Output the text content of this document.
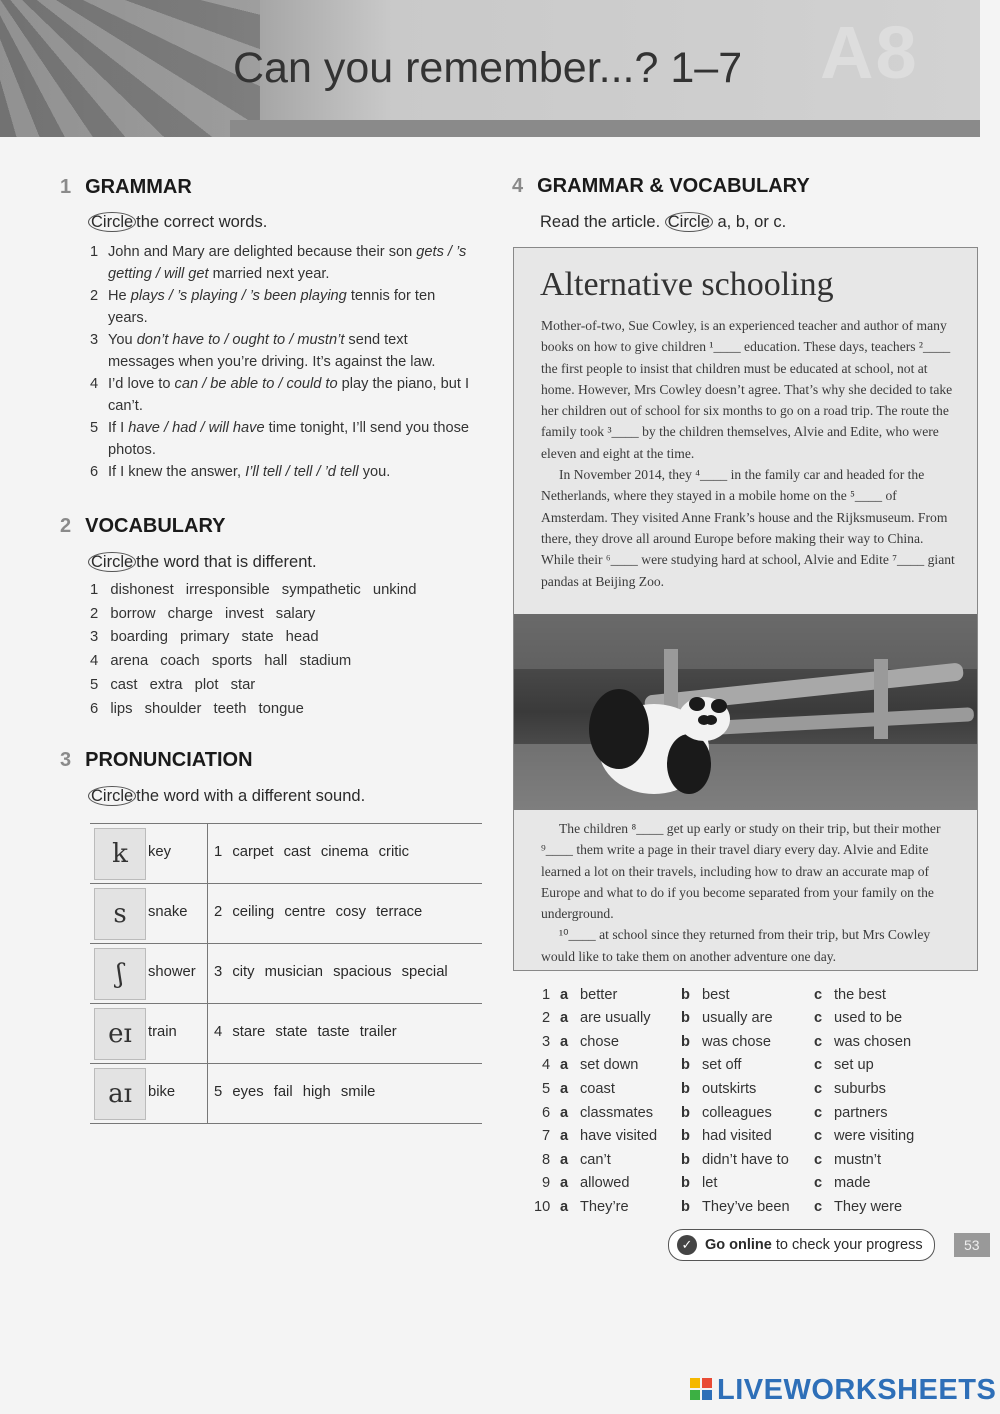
A8
Can you remember...? 1–7
1 GRAMMAR
Circle the correct words.
1 John and Mary are delighted because their son gets / ’s getting / will get married next year.
2 He plays / ’s playing / ’s been playing tennis for ten years.
3 You don’t have to / ought to / mustn’t send text messages when you’re driving. It’s against the law.
4 I’d love to can / be able to / could to play the piano, but I can’t.
5 If I have / had / will have time tonight, I’ll send you those photos.
6 If I knew the answer, I’ll tell / tell / ’d tell you.
2 VOCABULARY
Circle the word that is different.
1 dishonest irresponsible sympathetic unkind
2 borrow charge invest salary
3 boarding primary state head
4 arena coach sports hall stadium
5 cast extra plot star
6 lips shoulder teeth tongue
3 PRONUNCIATION
Circle the word with a different sound.
k	key	1 carpet cast cinema critic
s	snake 2 ceiling centre cosy terrace
ʃ	shower 3 city musician spacious special
eɪ	train	4 stare state taste trailer
aɪ	bike	5 eyes fail high smile
4 GRAMMAR & VOCABULARY
Read the article. Circle a, b, or c.
Alternative schooling

Mother-of-two, Sue Cowley, is an experienced teacher and author of many books on how to give children ¹____ education. These days, teachers ²____ the first people to insist that children must be educated at school, not at home. However, Mrs Cowley doesn’t agree. That’s why she decided to take her children out of school for six months to go on a road trip. The route the family took ³____ by the children themselves, Alvie and Edite, who were eleven and eight at the time.

In November 2014, they ⁴____ in the family car and headed for the Netherlands, where they stayed in a mobile home on the ⁵____ of Amsterdam. They visited Anne Frank’s house and the Rijksmuseum. From there, they drove all around Europe before making their way to China. While their ⁶____ were studying hard at school, Alvie and Edite ⁷____ giant pandas at Beijing Zoo.

The children ⁸____ get up early or study on their trip, but their mother ⁹____ them write a page in their travel diary every day. Alvie and Edite learned a lot on their travels, including how to draw an accurate map of Europe and what to do if you become separated from your family on the underground.

¹⁰____ at school since they returned from their trip, but Mrs Cowley would like to take them on another adventure one day.

1 a better	b best	c the best
2 a are usually b usually are	c used to be
3 a chose	b was chose	c was chosen
4 a set down	b set off	c set up
5 a coast	b outskirts	c suburbs
6 a classmates b colleagues	c partners
7 a have visited b had visited	c were visiting
8 a can’t	b didn’t have to c mustn’t
9 a allowed	b let	c made
10 a They’re	b They’ve been c They were
✓ Go online to check your progress	53
LIVEWORKSHEETS
